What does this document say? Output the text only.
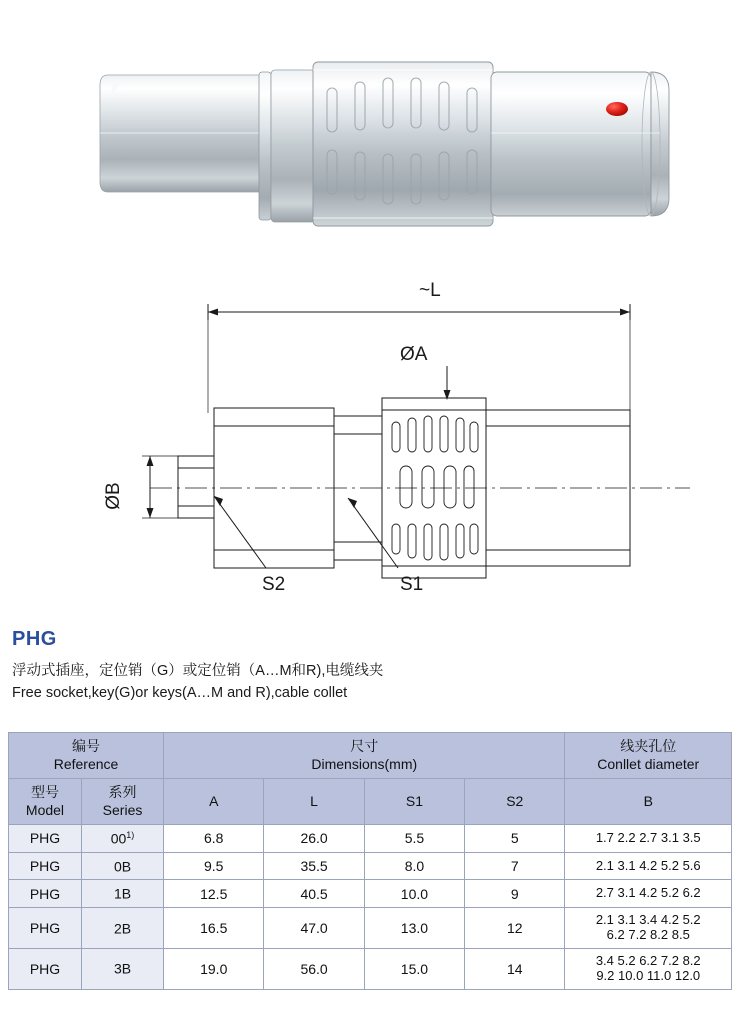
~L
ØA
ØB
S2	S1
PHG

浮动式插座，定位销（G）或定位销（A…M和R),电缆线夹

Free socket,key(G)or keys(A…M and R),cable collet

编号
Reference		尺寸
Dimensions(mm)				线夹孔位
Conllet diameter

型号
Model	系列
Series	A	L	S1	S2	B
PHG	00$^{1)}$	6.8	26.0	5.5	5	1.7 2.2 2.7 3.1 3.5

PHG	0B	9.5	35.5	8.0	7	2.1 3.1 4.2 5.2 5.6

PHG	1B	12.5	40.5	10.0	9	2.7 3.1 4.2 5.2 6.2

PHG	2B	16.5	47.0	13.0	12	2.1 3.1 3.4 4.2 5.2
6.2 7.2 8.2 8.5

PHG	3B	19.0	56.0	15.0	14	3.4 5.2 6.2 7.2 8.2
9.2 10.0 11.0 12.0
